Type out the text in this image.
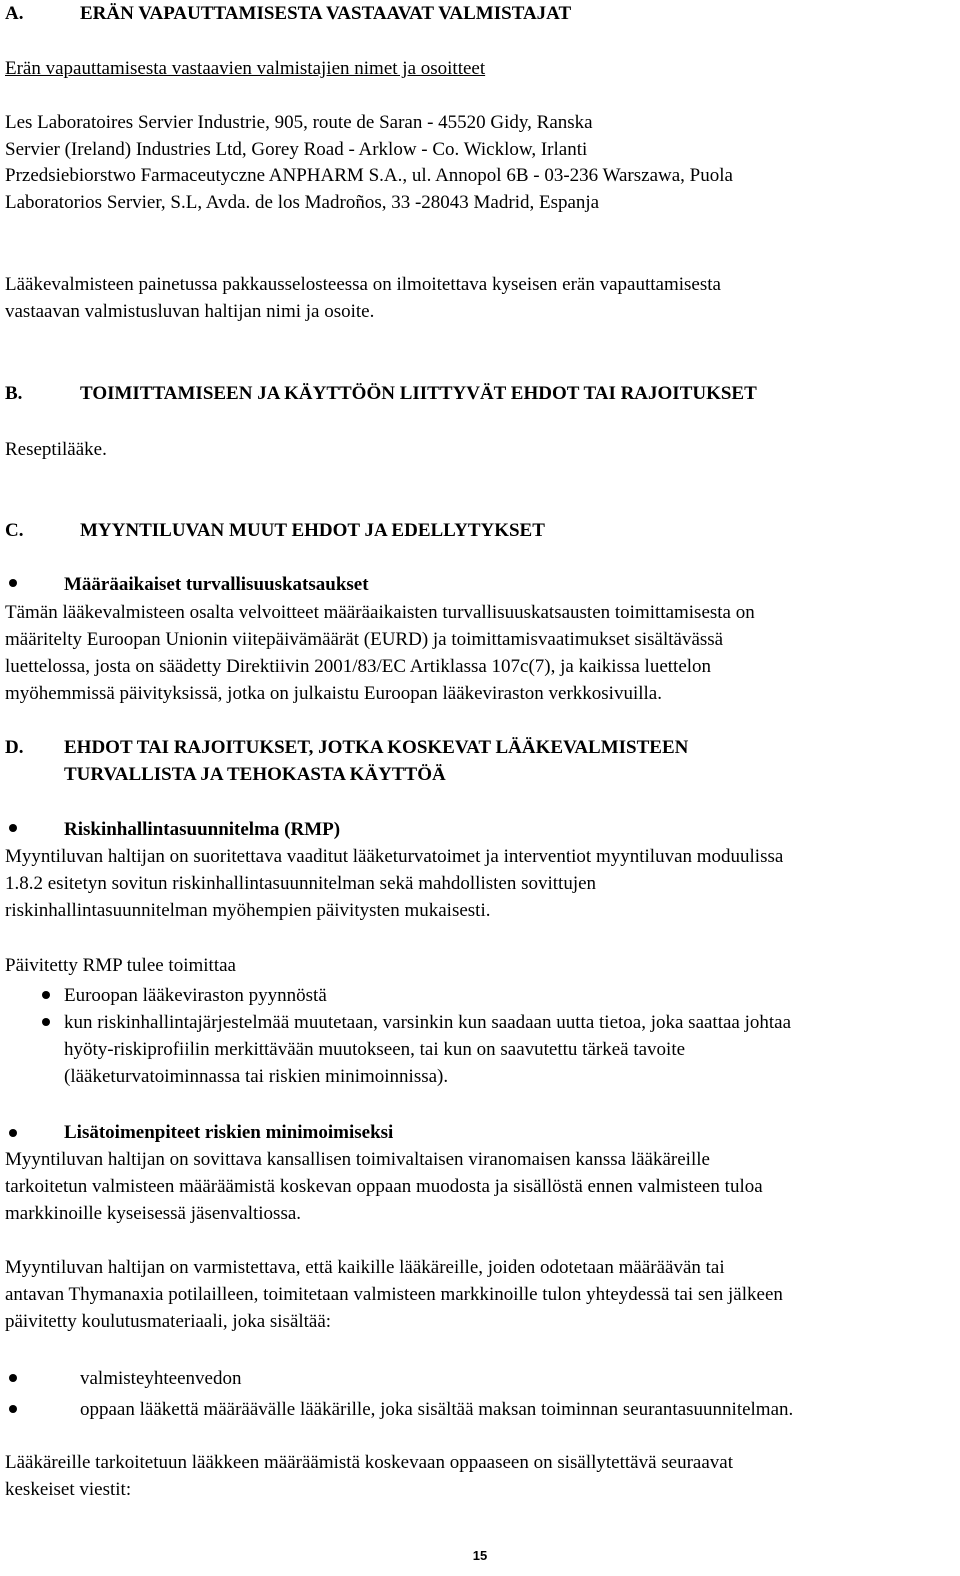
A.	ERÄN VAPAUTTAMISESTA VASTAAVAT VALMISTAJAT
Erän vapauttamisesta vastaavien valmistajien nimet ja osoitteet
Les Laboratoires Servier Industrie, 905, route de Saran - 45520 Gidy, Ranska
Servier (Ireland) Industries Ltd, Gorey Road - Arklow - Co. Wicklow, Irlanti
Przedsiebiorstwo Farmaceutyczne ANPHARM S.A., ul. Annopol 6B - 03-236 Warszawa, Puola
Laboratorios Servier, S.L, Avda. de los Madroños, 33 -28043 Madrid, Espanja
Lääkevalmisteen painetussa pakkausselosteessa on ilmoitettava kyseisen erän vapauttamisesta
vastaavan valmistusluvan haltijan nimi ja osoite.
B.	TOIMITTAMISEEN JA KÄYTTÖÖN LIITTYVÄT EHDOT TAI RAJOITUKSET
Reseptilääke.
C.	MYYNTILUVAN MUUT EHDOT JA EDELLYTYKSET
Määräaikaiset turvallisuuskatsaukset
Tämän lääkevalmisteen osalta velvoitteet määräaikaisten turvallisuuskatsausten toimittamisesta on
määritelty Euroopan Unionin viitepäivämäärät (EURD) ja toimittamisvaatimukset sisältävässä
luettelossa, josta on säädetty Direktiivin 2001/83/EC Artiklassa 107c(7), ja kaikissa luettelon
myöhemmissä päivityksissä, jotka on julkaistu Euroopan lääkeviraston verkkosivuilla.
D. EHDOT TAI RAJOITUKSET, JOTKA KOSKEVAT LÄÄKEVALMISTEEN
TURVALLISTA JA TEHOKASTA KÄYTTÖÄ
Riskinhallintasuunnitelma (RMP)
Myyntiluvan haltijan on suoritettava vaaditut lääketurvatoimet ja interventiot myyntiluvan moduulissa
1.8.2 esitetyn sovitun riskinhallintasuunnitelman sekä mahdollisten sovittujen
riskinhallintasuunnitelman myöhempien päivitysten mukaisesti.
Päivitetty RMP tulee toimittaa
Euroopan lääkeviraston pyynnöstä
kun riskinhallintajärjestelmää muutetaan, varsinkin kun saadaan uutta tietoa, joka saattaa johtaa
hyöty-riskiprofiilin merkittävään muutokseen, tai kun on saavutettu tärkeä tavoite
(lääketurvatoiminnassa tai riskien minimoinnissa).
Lisätoimenpiteet riskien minimoimiseksi
Myyntiluvan haltijan on sovittava kansallisen toimivaltaisen viranomaisen kanssa lääkäreille
tarkoitetun valmisteen määräämistä koskevan oppaan muodosta ja sisällöstä ennen valmisteen tuloa
markkinoille kyseisessä jäsenvaltiossa.
Myyntiluvan haltijan on varmistettava, että kaikille lääkäreille, joiden odotetaan määräävän tai
antavan Thymanaxia potilailleen, toimitetaan valmisteen markkinoille tulon yhteydessä tai sen jälkeen
päivitetty koulutusmateriaali, joka sisältää:
valmisteyhteenvedon
oppaan lääkettä määräävälle lääkärille, joka sisältää maksan toiminnan seurantasuunnitelman.
Lääkäreille tarkoitetuun lääkkeen määräämistä koskevaan oppaaseen on sisällytettävä seuraavat
keskeiset viestit:
15
